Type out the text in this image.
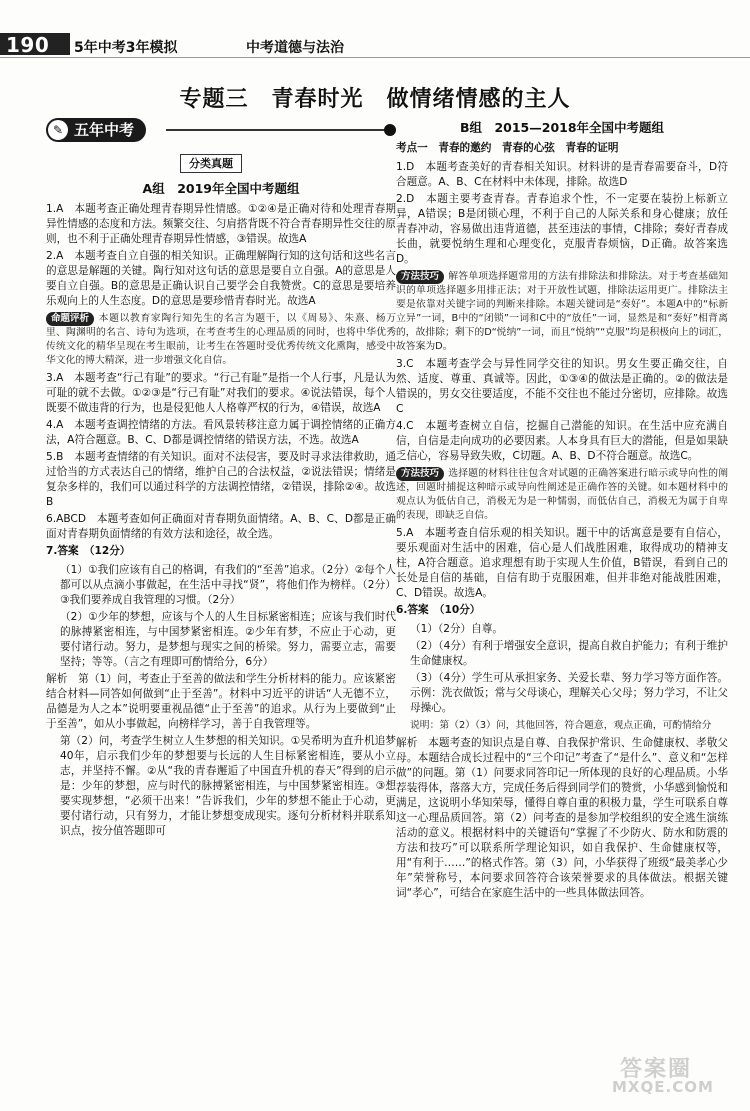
190 5年中考3年模拟	中考道德与法治
专题三　青春时光　做情绪情感的主人
✎ 五年中考
分类真题
A组　2019年全国中考题组

1.A　本题考查正确处理青春期异性情感。①②④是正确对待和处理青春期异性情感的态度和方法。频繁交往、匀肩搭背既不符合青春期异性交往的原则，也不利于正确处理青春期异性情感，③错误。故选A

2.A　本题考查自立自强的相关知识。正确理解陶行知的这句话和这些名言的意思是解题的关键。陶行知对这句话的意思是要自立自强。A的意思是人要自立自强。B的意思是正确认识自己要学会自我赞赏。C的意思是要培养乐观向上的人生态度。D的意思是要珍惜青春时光。故选A

命题评析 本题以教育家陶行知先生的名言为题干，以《周易》、朱熹、杨万里、陶渊明的名言、诗句为选项，在考查考生的心理品质的同时，也将中华优秀传统文化的精华呈现在考生眼前，让考生在答题时受优秀传统文化熏陶，感受中华文化的博大精深，进一步增强文化自信。

3.A　本题考查“行己有耻”的要求。“行己有耻”是指一个人行事，凡是认为可耻的就不去做。①②③是“行己有耻”对我们的要求。④说法错误，每个人既要不做违背的行为，也是侵犯他人人格尊严权的行为，④错误，故选A

4.A　本题考查调控情绪的方法。看风景转移注意力属于调控情绪的正确方法，A符合题意。B、C、D都是调控情绪的错误方法，不选。故选A

5.B　本题考查情绪的有关知识。面对不法侵害，要及时寻求法律救助，通过恰当的方式表达自己的情绪，维护自己的合法权益，②说法错误；情绪是复杂多样的，我们可以通过科学的方法调控情绪，②错误，排除②④。故选B

6.ABCD　本题考查如何正确面对青春期负面情绪。A、B、C、D都是正确面对青春期负面情绪的有效方法和途径，故全选。

7.答案　（12分）

（1）①我们应该有自己的格调，有我们的“至善”追求。（2分）②每个人都可以从点滴小事做起，在生活中寻找“贤”，将他们作为榜样。（2分）③我们要养成自我管理的习惯。（2分）

（2）①少年的梦想，应该与个人的人生目标紧密相连；应该与我们时代的脉搏紧密相连，与中国梦紧密相连。②少年有梦，不应止于心动，更要付诸行动。努力，是梦想与现实之间的桥梁。努力，需要立志，需要坚持；等等。（言之有理即可酌情给分，6分）

解析　第（1）问，考查止于至善的做法和学生分析材料的能力。应该紧密结合材料—同答如何做到“止于至善”。材料中习近平的讲话“人无德不立，品德是为人之本”说明要重视品德“止于至善”的追求。从行为上要做到“止于至善”，如从小事做起，向榜样学习，善于自我管理等。

第（2）问，考查学生树立人生梦想的相关知识。①吴希明为直升机追梦40年，启示我们少年的梦想要与长远的人生目标紧密相连，要从小立志，并坚持不懈。②从“我的青春邂逅了中国直升机的春天”得到的启示是：少年的梦想，应与时代的脉搏紧密相连，与中国梦紧密相连。③想要实现梦想，“必须干出来！”告诉我们，少年的梦想不能止于心动，更要付诸行动，只有努力，才能让梦想变成现实。逐句分析材料并联系知识点，按分值答题即可

B组　2015—2018年全国中考题组

考点一　青春的邀约　青春的心弦　青春的证明

1.D　本题考查美好的青春相关知识。材料讲的是青春需要奋斗，D符合题意。A、B、C在材料中未体现，排除。故选D

2.D　本题主要考查青春。青春追求个性，不一定要在装扮上标新立异，A错误；B是闭锁心理，不利于自己的人际关系和身心健康；放任青春冲动，容易做出违背道德，甚至违法的事情，C排除；奏好青春成长曲，就要悦纳生理和心理变化，克服青春烦恼，D正确。故答案选D。

方法技巧 解答单项选择题常用的方法有排除法和排除法。对于考查基础知识的单项选择题多用排正法；对于开放性试题，排除法运用更广。排除法主要是依靠对关键字词的判断来排除。本题关键词是“奏好”。本题A中的“标新立异”一词，B中的“闭锁”一词和C中的“放任”一词，显然是和“奏好”相背离的，故排除；剩下的D“悦纳”一词，而且“悦纳”“克服”均是积极向上的词汇，故答案为D。

3.C　本题考查学会与异性同学交往的知识。男女生要正确交往，自然、适度、尊重、真诚等。因此，①③④的做法是正确的。②的做法是错误的，男女交往要适度，不能不交往也不能过分密切，应排除。故选C

4.C　本题考查树立自信，挖掘自己潜能的知识。在生活中应充满自信，自信是走向成功的必要因素。人本身具有巨大的潜能，但是如果缺乏信心，容易导致失败，C切题。A、B、D不符合题意。故选C。

方法技巧 选择题的材料往往包含对试题的正确答案进行暗示或导向性的阐述，回题时捕捉这种暗示或导向性阐述是正确作答的关键。如本题材料中的观点认为低估自己，消极无为是一种懦弱，而低估自己，消极无为属于自卑的表现，即缺乏自信。

5.A　本题考查自信乐观的相关知识。题干中的话寓意是要有自信心，要乐观面对生活中的困难，信心是人们战胜困难，取得成功的精神支柱，A符合题意。追求理想有助于实现人生价值，B错误，看到自己的长处是自信的基础，自信有助于克服困难，但并非绝对能战胜困难，C、D错误。故选A。

6.答案　（10分）

（1）（2分）自尊。

（2）（4分）有利于增强安全意识，提高自救自护能力；有利于维护生命健康权。

（3）（4分）学生可从承担家务、关爱长辈、努力学习等方面作答。示例：洗衣做饭；常与父母谈心，理解关心父母；努力学习，不让父母操心。

说明：第（2）（3）问，其他回答，符合题意，观点正确，可酌情给分

解析　本题考查的知识点是自尊、自我保护常识、生命健康权、孝敬父母。本题结合成长过程中的“三个印记”考查了“是什么”、意义和“怎样做”的问题。第（1）问要求同答印记一所体现的良好的心理品质。小华荐装得体，落落大方，完成任务后得到同学们的赞赏，小华感到愉悦和满足，这说明小华知荣辱，懂得自尊自重的积极力量，学生可联系自尊这一心理品质回答。第（2）问考查的是参加学校组织的安全逃生演练活动的意义。根据材料中的关键语句“掌握了不少防火、防水和防震的方法和技巧”可以联系所学理论知识，如自我保护、生命健康权等，用“有利于……”的格式作答。第（3）问，小华获得了班级“最美孝心少年”荣誉称号，本问要求回答符合该荣誉要求的具体做法。根据关键词“孝心”，可结合在家庭生活中的一些具体做法回答。

答案圈
MXQE.COM
